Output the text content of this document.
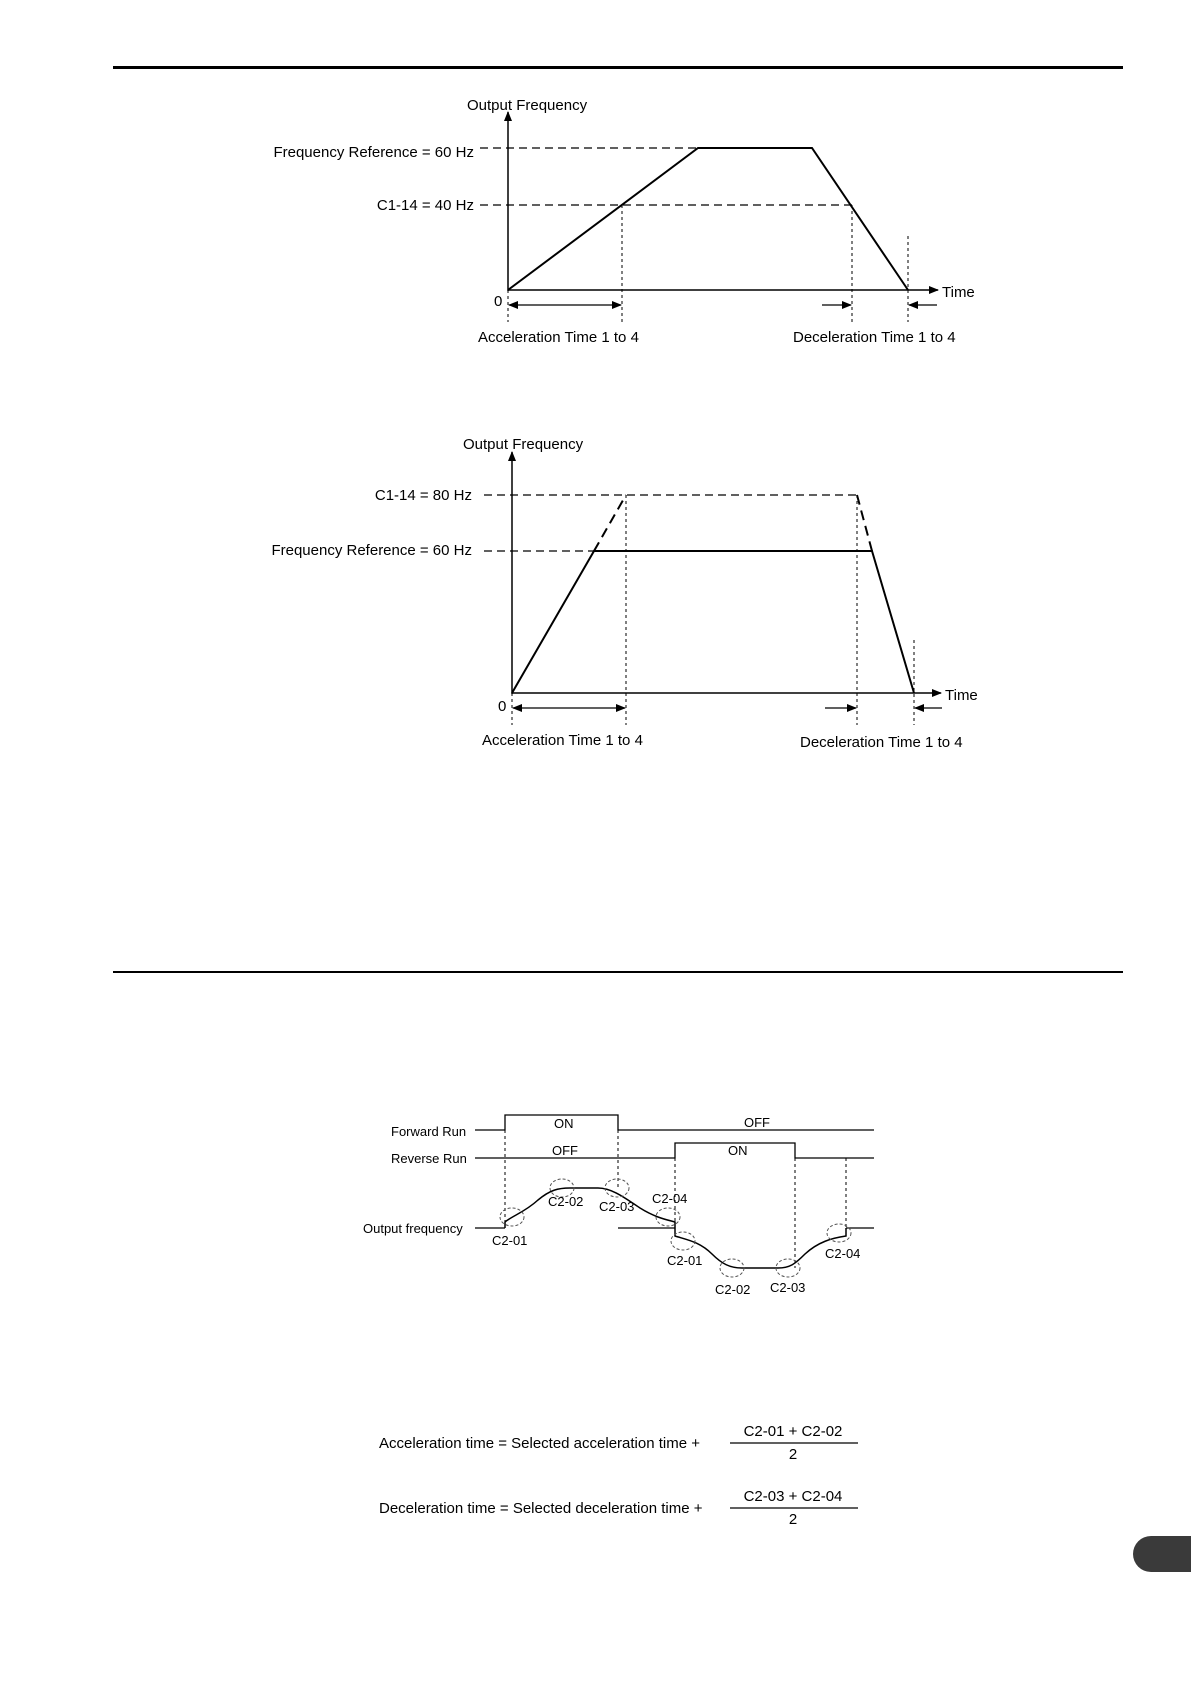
Output Frequency
Time
0
Frequency Reference = 60 Hz
C1-14 = 40 Hz
Acceleration Time 1 to 4	Deceleration Time 1 to 4
Output Frequency
Time
0
C1-14 = 80 Hz
Frequency Reference = 60 Hz
Acceleration Time 1 to 4	Deceleration Time 1 to 4
Forward Run
Reverse Run
Output frequency
ON	OFF
OFF	ON
C2-01
C2-02 C2-03
C2-04
C2-01
C2-02 C2-03
C2-04
Acceleration time = Selected acceleration time +
C2-01 + C2-02
2
Deceleration time = Selected deceleration time +
C2-03 + C2-04
2
